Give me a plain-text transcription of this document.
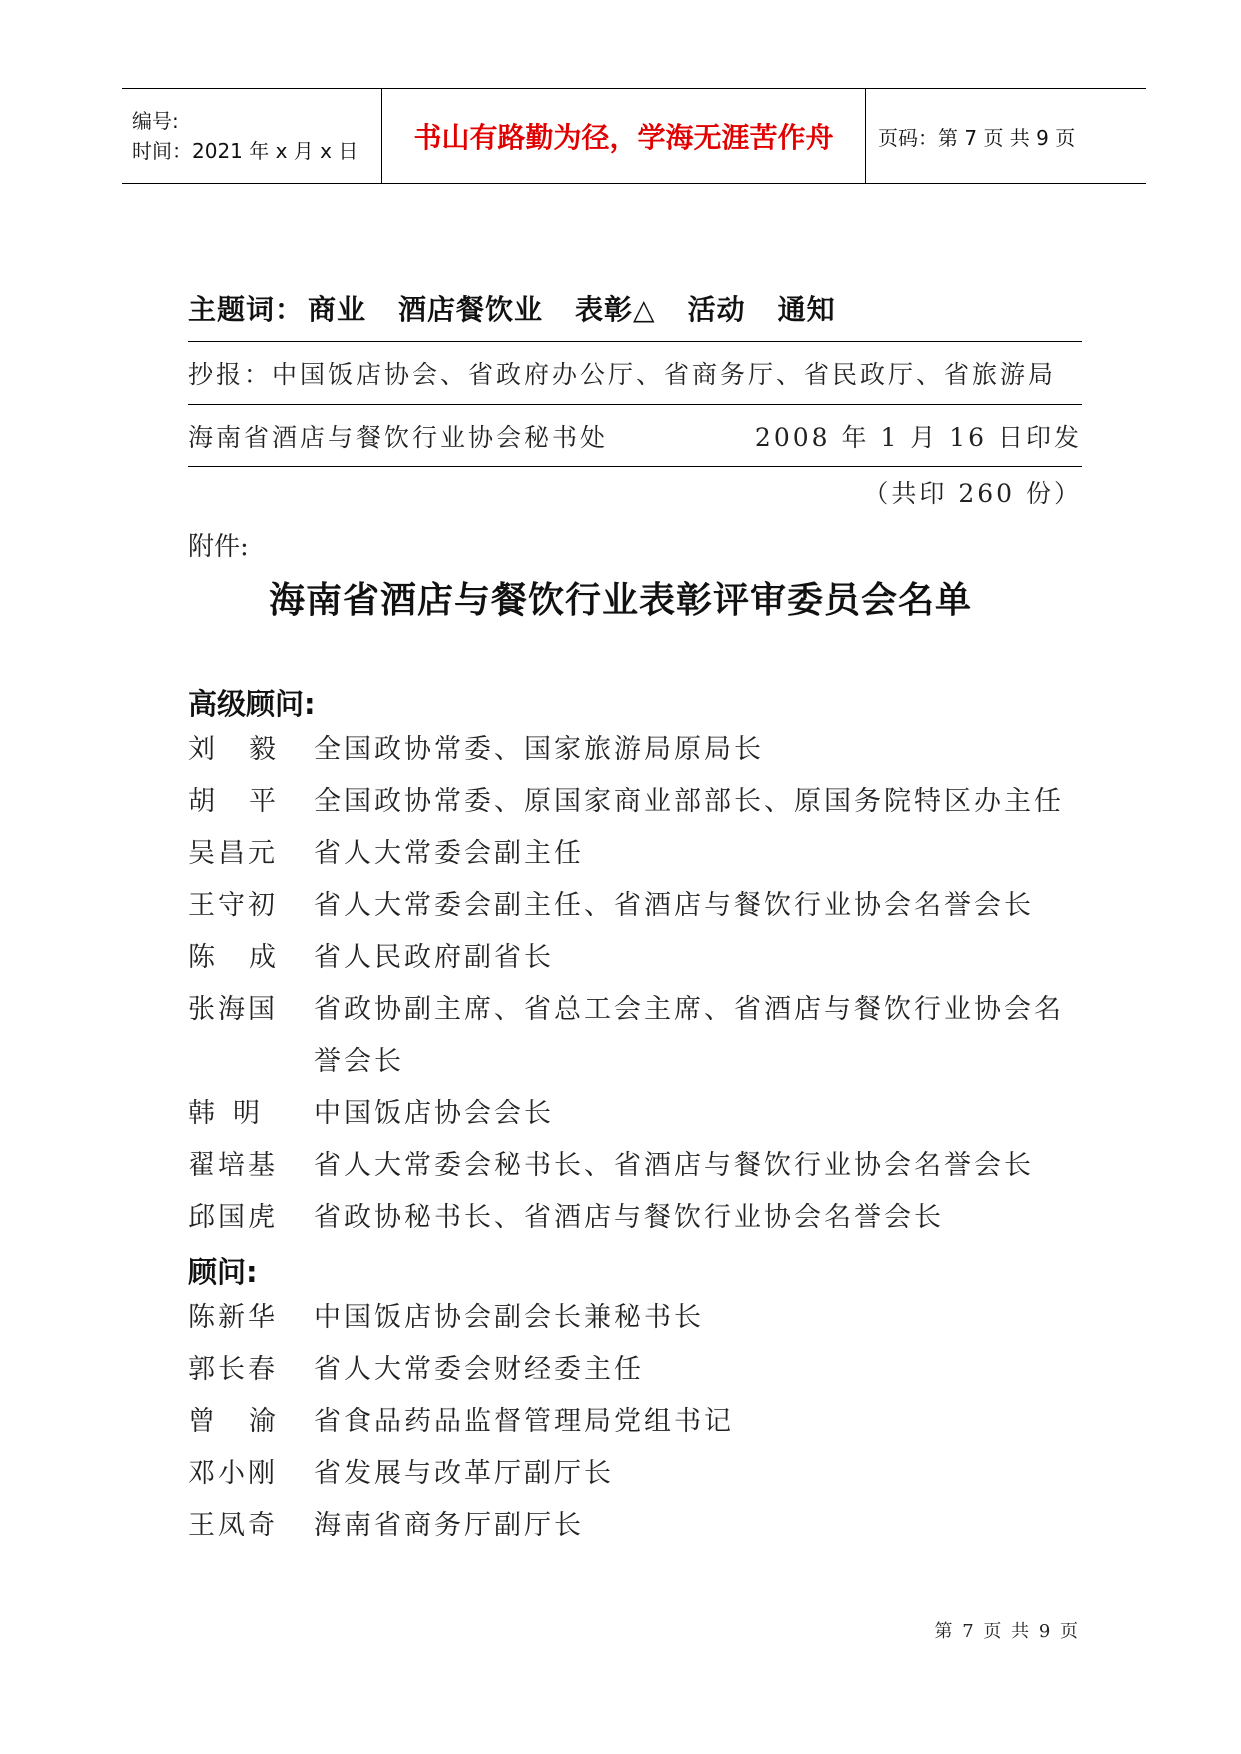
编号:
时间：2021 年 x 月 x 日	书山有路勤为径，学海无涯苦作舟	页码：第 7 页 共 9 页
主题词： 商业 酒店餐饮业 表彰△ 活动 通知
抄报：中国饭店协会、省政府办公厅、省商务厅、省民政厅、省旅游局
海南省酒店与餐饮行业协会秘书处	2008 年 1 月 16 日印发
（共印 260 份）
附件:
海南省酒店与餐饮行业表彰评审委员会名单
高级顾问:
刘毅 全国政协常委、国家旅游局原局长
胡平 全国政协常委、原国家商业部部长、原国务院特区办主任
吴昌元	省人大常委会副主任
王守初	省人大常委会副主任、省酒店与餐饮行业协会名誉会长
陈成 省人民政府副省长
张海国	省政协副主席、省总工会主席、省酒店与餐饮行业协会名誉会长
韩明	中国饭店协会会长
翟培基	省人大常委会秘书长、省酒店与餐饮行业协会名誉会长
邱国虎	省政协秘书长、省酒店与餐饮行业协会名誉会长
顾问:
陈新华	中国饭店协会副会长兼秘书长
郭长春	省人大常委会财经委主任
曾渝 省食品药品监督管理局党组书记
邓小刚	省发展与改革厅副厅长
王凤奇	海南省商务厅副厅长
第 7 页 共 9 页
